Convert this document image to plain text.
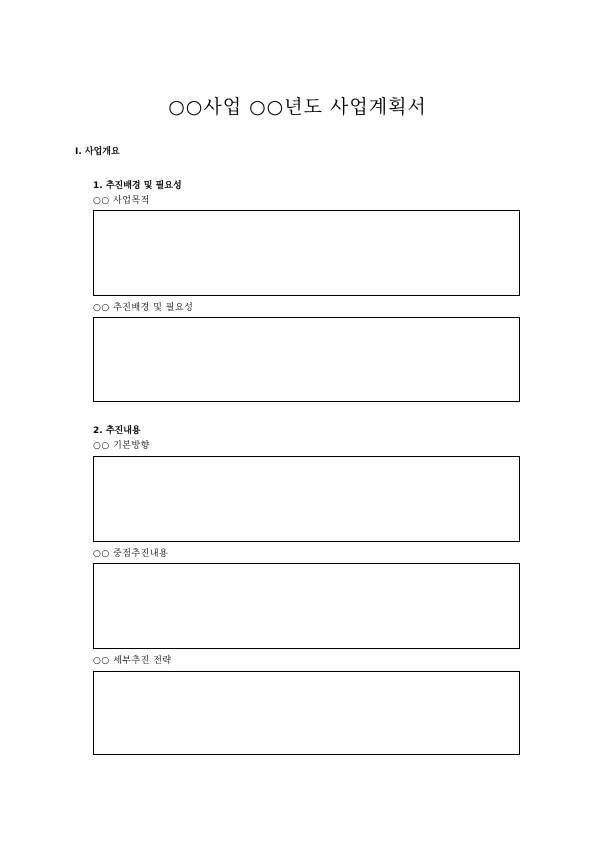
○○사업 ○○년도 사업계획서
Ⅰ. 사업개요
1. 추진배경 및 필요성
○○ 사업목적
○○ 추진배경 및 필요성
2. 추진내용
○○ 기본방향
○○ 중점추진내용
○○ 세부추진 전략
